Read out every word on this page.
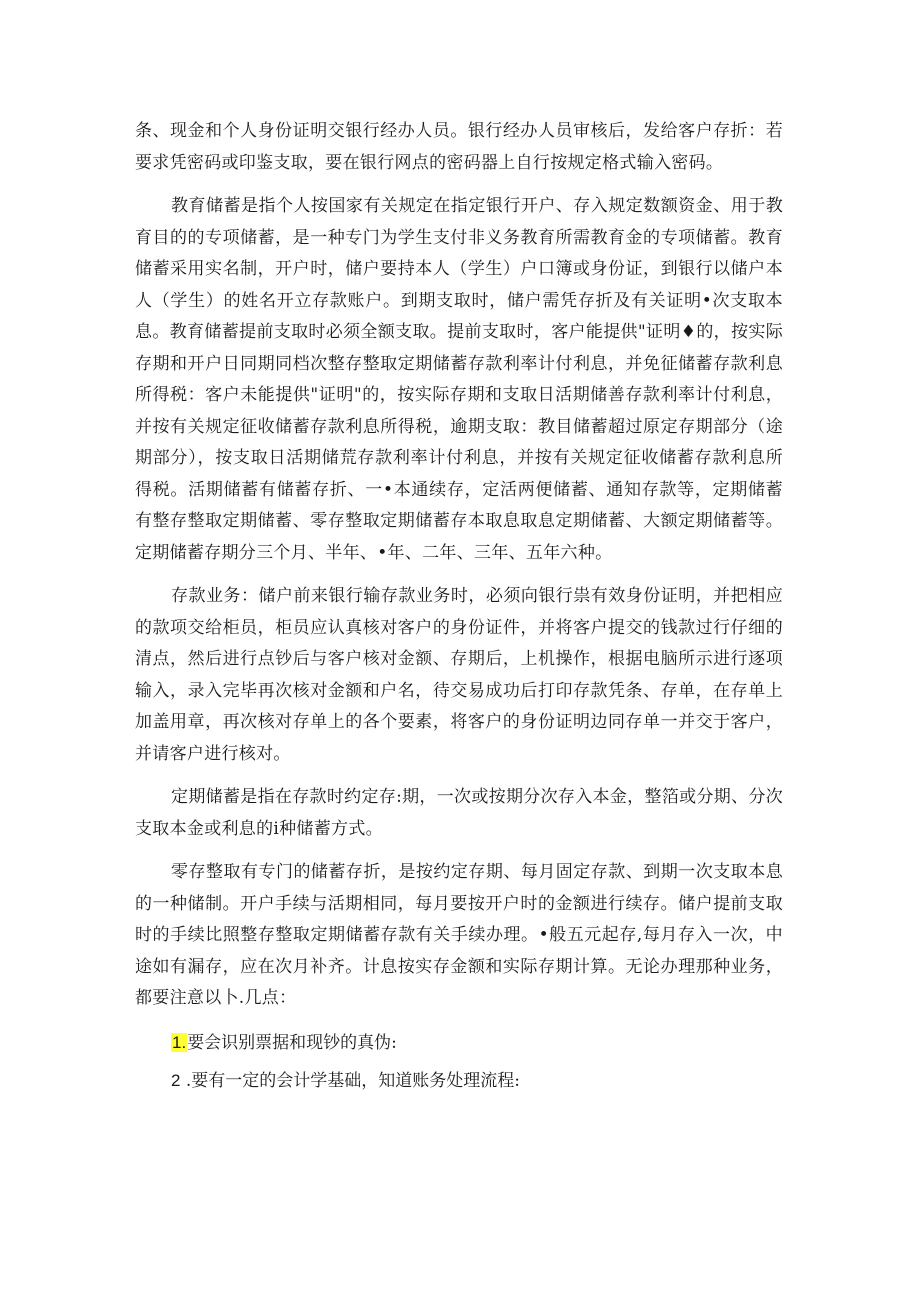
条、现金和个人身份证明交银行经办人员。银行经办人员审核后，发给客户存折：若要求凭密码或印鉴支取，要在银行网点的密码器上自行按规定格式输入密码。

教育储蓄是指个人按国家有关规定在指定银行开户、存入规定数额资金、用于教育目的的专项储蓄，是一种专门为学生支付非义务教育所需教育金的专项储蓄。教育储蓄采用实名制，开户时，储户要持本人（学生）户口簿或身份证，到银行以储户本人（学生）的姓名开立存款账户。到期支取时，储户需凭存折及有关证明•次支取本息。教育储蓄提前支取时必须全额支取。提前支取时，客户能提供"证明♦的，按实际存期和开户日同期同档次整存整取定期储蓄存款利率计付利息，并免征储蓄存款利息所得税：客户未能提供"证明"的，按实际存期和支取日活期储善存款利率计付利息，并按有关规定征收储蓄存款利息所得税，逾期支取：教目储蓄超过原定存期部分（途期部分），按支取日活期储荒存款利率计付利息，并按有关规定征收储蓄存款利息所得税。活期储蓄有储蓄存折、一•本通续存，定活两便储蓄、通知存款等，定期储蓄有整存整取定期储蓄、零存整取定期储蓄存本取息取息定期储蓄、大额定期储蓄等。定期储蓄存期分三个月、半年、•年、二年、三年、五年六种。

存款业务：储户前来银行输存款业务时，必须向银行祟有效身份证明，并把相应的款项交给柜员，柜员应认真核对客户的身份证件，并将客户提交的钱款过行仔细的清点，然后进行点钞后与客户核对金额、存期后，上机操作，根据电脑所示进行逐项输入，录入完毕再次核对金额和户名，待交易成功后打印存款凭条、存单，在存单上加盖用章，再次核对存单上的各个要素，将客户的身份证明边同存单一并交于客户，并请客户进行核对。

定期储蓄是指在存款时约定存:期，一次或按期分次存入本金，整箔或分期、分次支取本金或利息的i种储蓄方式。

零存整取有专门的储蓄存折，是按约定存期、每月固定存款、到期一次支取本息的一种储制。开户手续与活期相同，每月要按开户时的金额进行续存。储户提前支取时的手续比照整存整取定期储蓄存款有关手续办理。•般五元起存,每月存入一次，中途如有漏存，应在次月补齐。计息按实存金额和实际存期计算。无论办理那种业务，都要注意以卜.几点：

1.要会识别票据和现钞的真伪:
2 .要有一定的会计学基础，知道账务处理流程:
